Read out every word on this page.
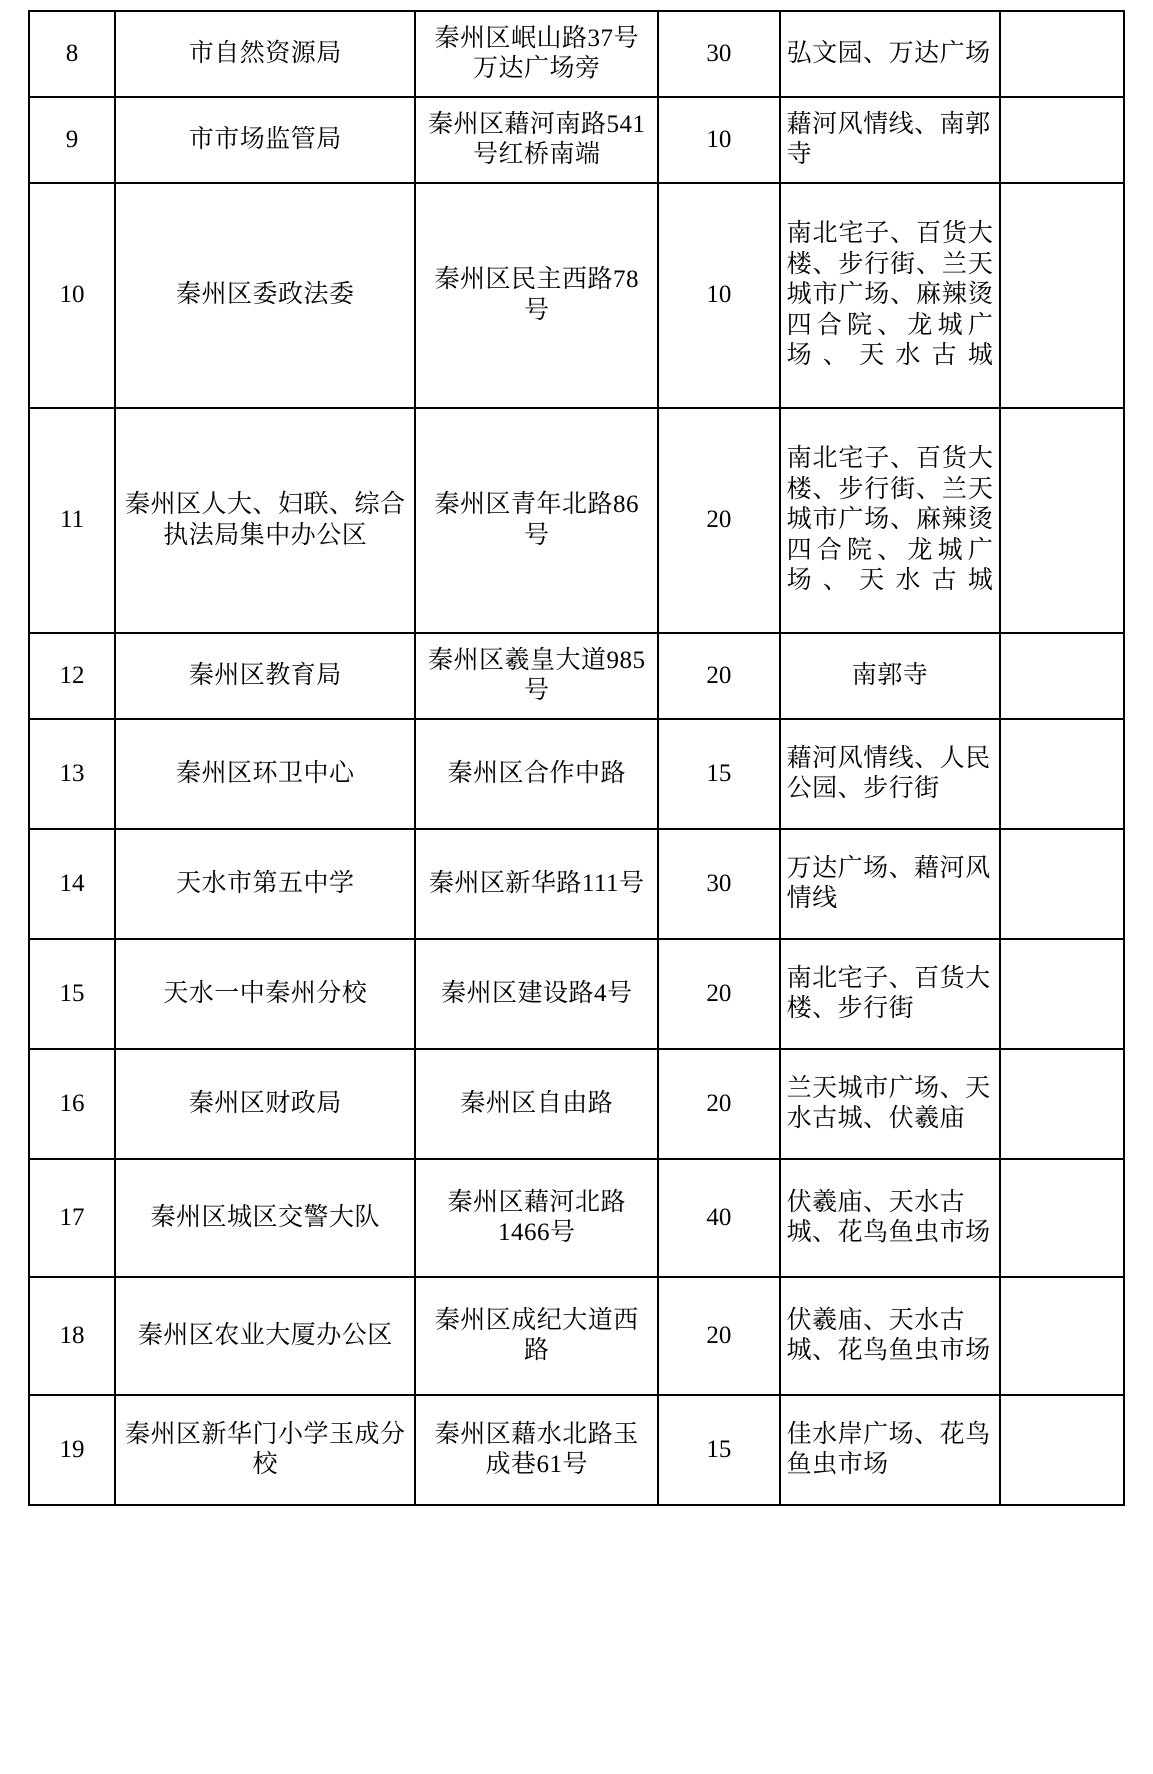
8	市自然资源局	秦州区岷山路37号万达广场旁	30	弘文园、万达广场	
9	市市场监管局	秦州区藉河南路541号红桥南端	10	藉河风情线、南郭寺	
10	秦州区委政法委	秦州区民主西路78号	10	南北宅子、百货大楼、步行街、兰天城市广场、麻辣烫四合院、龙城广场、天水古城	

11	秦州区人大、妇联、综合执法局集中办公区	秦州区青年北路86号	20	南北宅子、百货大楼、步行街、兰天城市广场、麻辣烫四合院、龙城广场、天水古城	

12	秦州区教育局	秦州区羲皇大道985号	20	南郭寺	
13	秦州区环卫中心	秦州区合作中路	15	藉河风情线、人民公园、步行街	
14	天水市第五中学	秦州区新华路111号	30	万达广场、藉河风情线	
15	天水一中秦州分校	秦州区建设路4号	20	南北宅子、百货大楼、步行街	
16	秦州区财政局	秦州区自由路	20	兰天城市广场、天水古城、伏羲庙	
17	秦州区城区交警大队	秦州区藉河北路1466号	40	伏羲庙、天水古城、花鸟鱼虫市场	
18	秦州区农业大厦办公区	秦州区成纪大道西路	20	伏羲庙、天水古城、花鸟鱼虫市场	
19	秦州区新华门小学玉成分校	秦州区藉水北路玉成巷61号	15	佳水岸广场、花鸟鱼虫市场	
